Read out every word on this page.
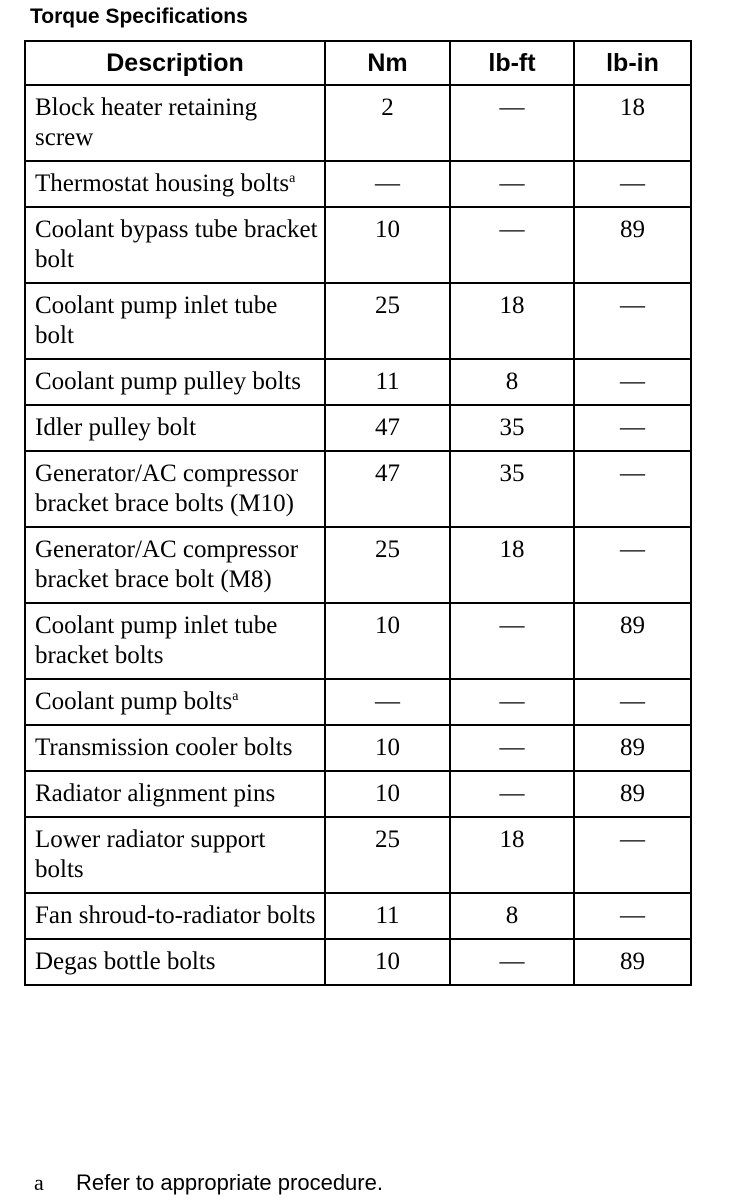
Torque Specifications
Description	Nm	lb-ft	lb-in
Block heater retaining screw	2	—	18
Thermostat housing bolts$^a$	—	—	—
Coolant bypass tube bracket bolt	10	—	89
Coolant pump inlet tube bolt	25	18	—
Coolant pump pulley bolts	11	8	—
Idler pulley bolt	47	35	—
Generator/AC compressor bracket brace bolts (M10)	47	35	—
Generator/AC compressor bracket brace bolt (M8)	25	18	—
Coolant pump inlet tube bracket bolts	10	—	89
Coolant pump bolts$^a$	—	—	—
Transmission cooler bolts	10	—	89
Radiator alignment pins	10	—	89
Lower radiator support bolts	25	18	—
Fan shroud-to-radiator bolts	11	8	—
Degas bottle bolts	10	—	89
a Refer to appropriate procedure.
